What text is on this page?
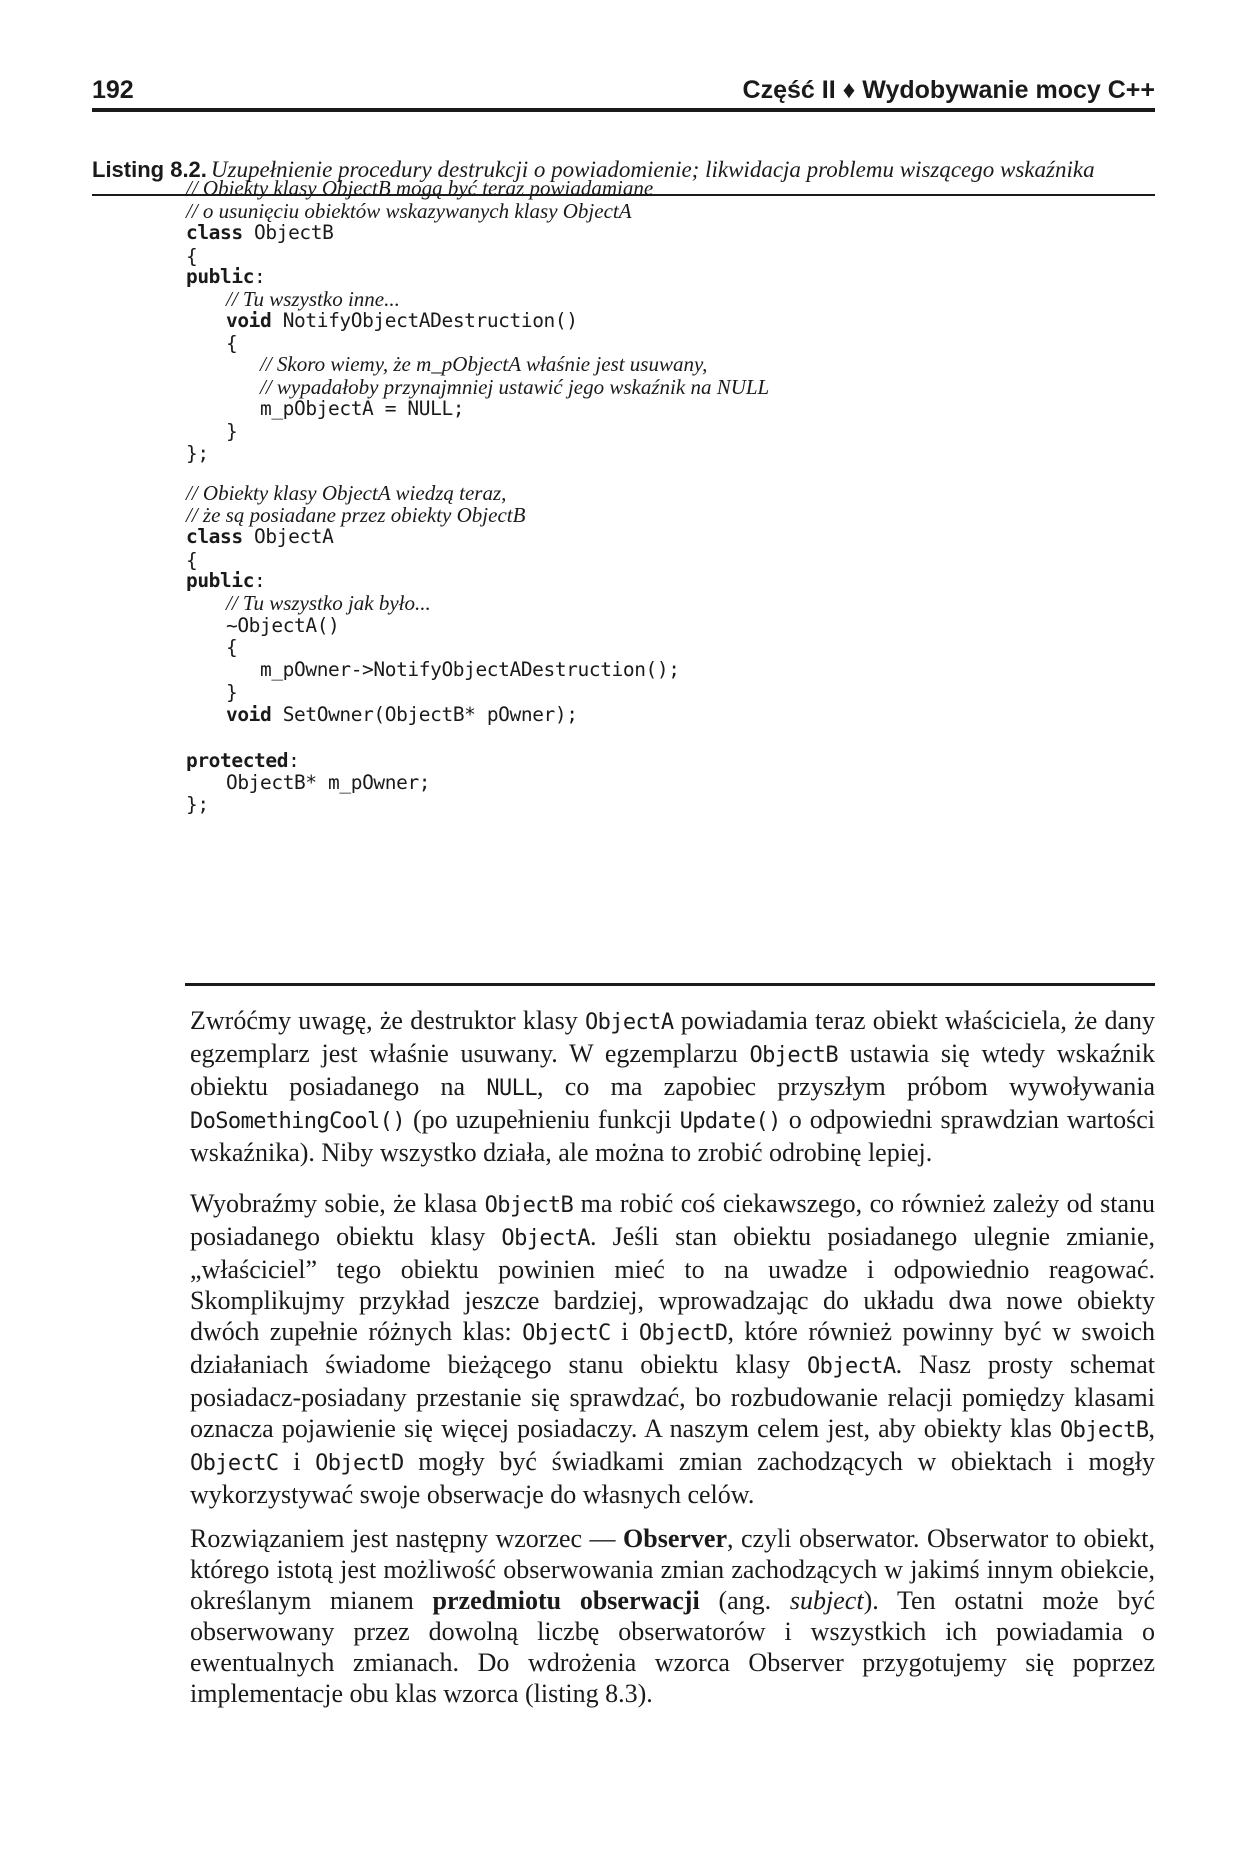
192	Część II ♦ Wydobywanie mocy C++
Listing 8.2. Uzupełnienie procedury destrukcji o powiadomienie; likwidacja problemu wiszącego wskaźnika
// Obiekty klasy ObjectB mogą być teraz powiadamiane
// o usunięciu obiektów wskazywanych klasy ObjectA
class ObjectB
{
public:
// Tu wszystko inne...
void NotifyObjectADestruction()
{
// Skoro wiemy, że m_pObjectA właśnie jest usuwany,
// wypadałoby przynajmniej ustawić jego wskaźnik na NULL
m_pObjectA = NULL;
}
};
// Obiekty klasy ObjectA wiedzą teraz,
// że są posiadane przez obiekty ObjectB
class ObjectA
{
public:
// Tu wszystko jak było...
~ObjectA()
{
m_pOwner->NotifyObjectADestruction();
}
void SetOwner(ObjectB* pOwner);
protected:
ObjectB* m_pOwner;
};

Zwróćmy uwagę, że destruktor klasy ObjectA powiadamia teraz obiekt właściciela, że dany egzemplarz jest właśnie usuwany. W egzemplarzu ObjectB ustawia się wtedy wskaźnik obiektu posiadanego na NULL, co ma zapobiec przyszłym próbom wywoływania DoSomethingCool() (po uzupełnieniu funkcji Update() o odpowiedni sprawdzian wartości wskaźnika). Niby wszystko działa, ale można to zrobić odrobinę lepiej.

Wyobraźmy sobie, że klasa ObjectB ma robić coś ciekawszego, co również zależy od stanu posiadanego obiektu klasy ObjectA. Jeśli stan obiektu posiadanego ulegnie zmianie, „właściciel” tego obiektu powinien mieć to na uwadze i odpowiednio reagować. Skomplikujmy przykład jeszcze bardziej, wprowadzając do układu dwa nowe obiekty dwóch zupełnie różnych klas: ObjectC i ObjectD, które również powinny być w swoich działaniach świadome bieżącego stanu obiektu klasy ObjectA. Nasz prosty schemat posiadacz-posiadany przestanie się sprawdzać, bo rozbudowanie relacji pomiędzy klasami oznacza pojawienie się więcej posiadaczy. A naszym celem jest, aby obiekty klas ObjectB, ObjectC i ObjectD mogły być świadkami zmian zachodzących w obiektach i mogły wykorzystywać swoje obserwacje do własnych celów.

Rozwiązaniem jest następny wzorzec — Observer, czyli obserwator. Obserwator to obiekt, którego istotą jest możliwość obserwowania zmian zachodzących w jakimś innym obiekcie, określanym mianem przedmiotu obserwacji (ang. subject). Ten ostatni może być obserwowany przez dowolną liczbę obserwatorów i wszystkich ich powiadamia o ewentualnych zmianach. Do wdrożenia wzorca Observer przygotujemy się poprzez implementacje obu klas wzorca (listing 8.3).
